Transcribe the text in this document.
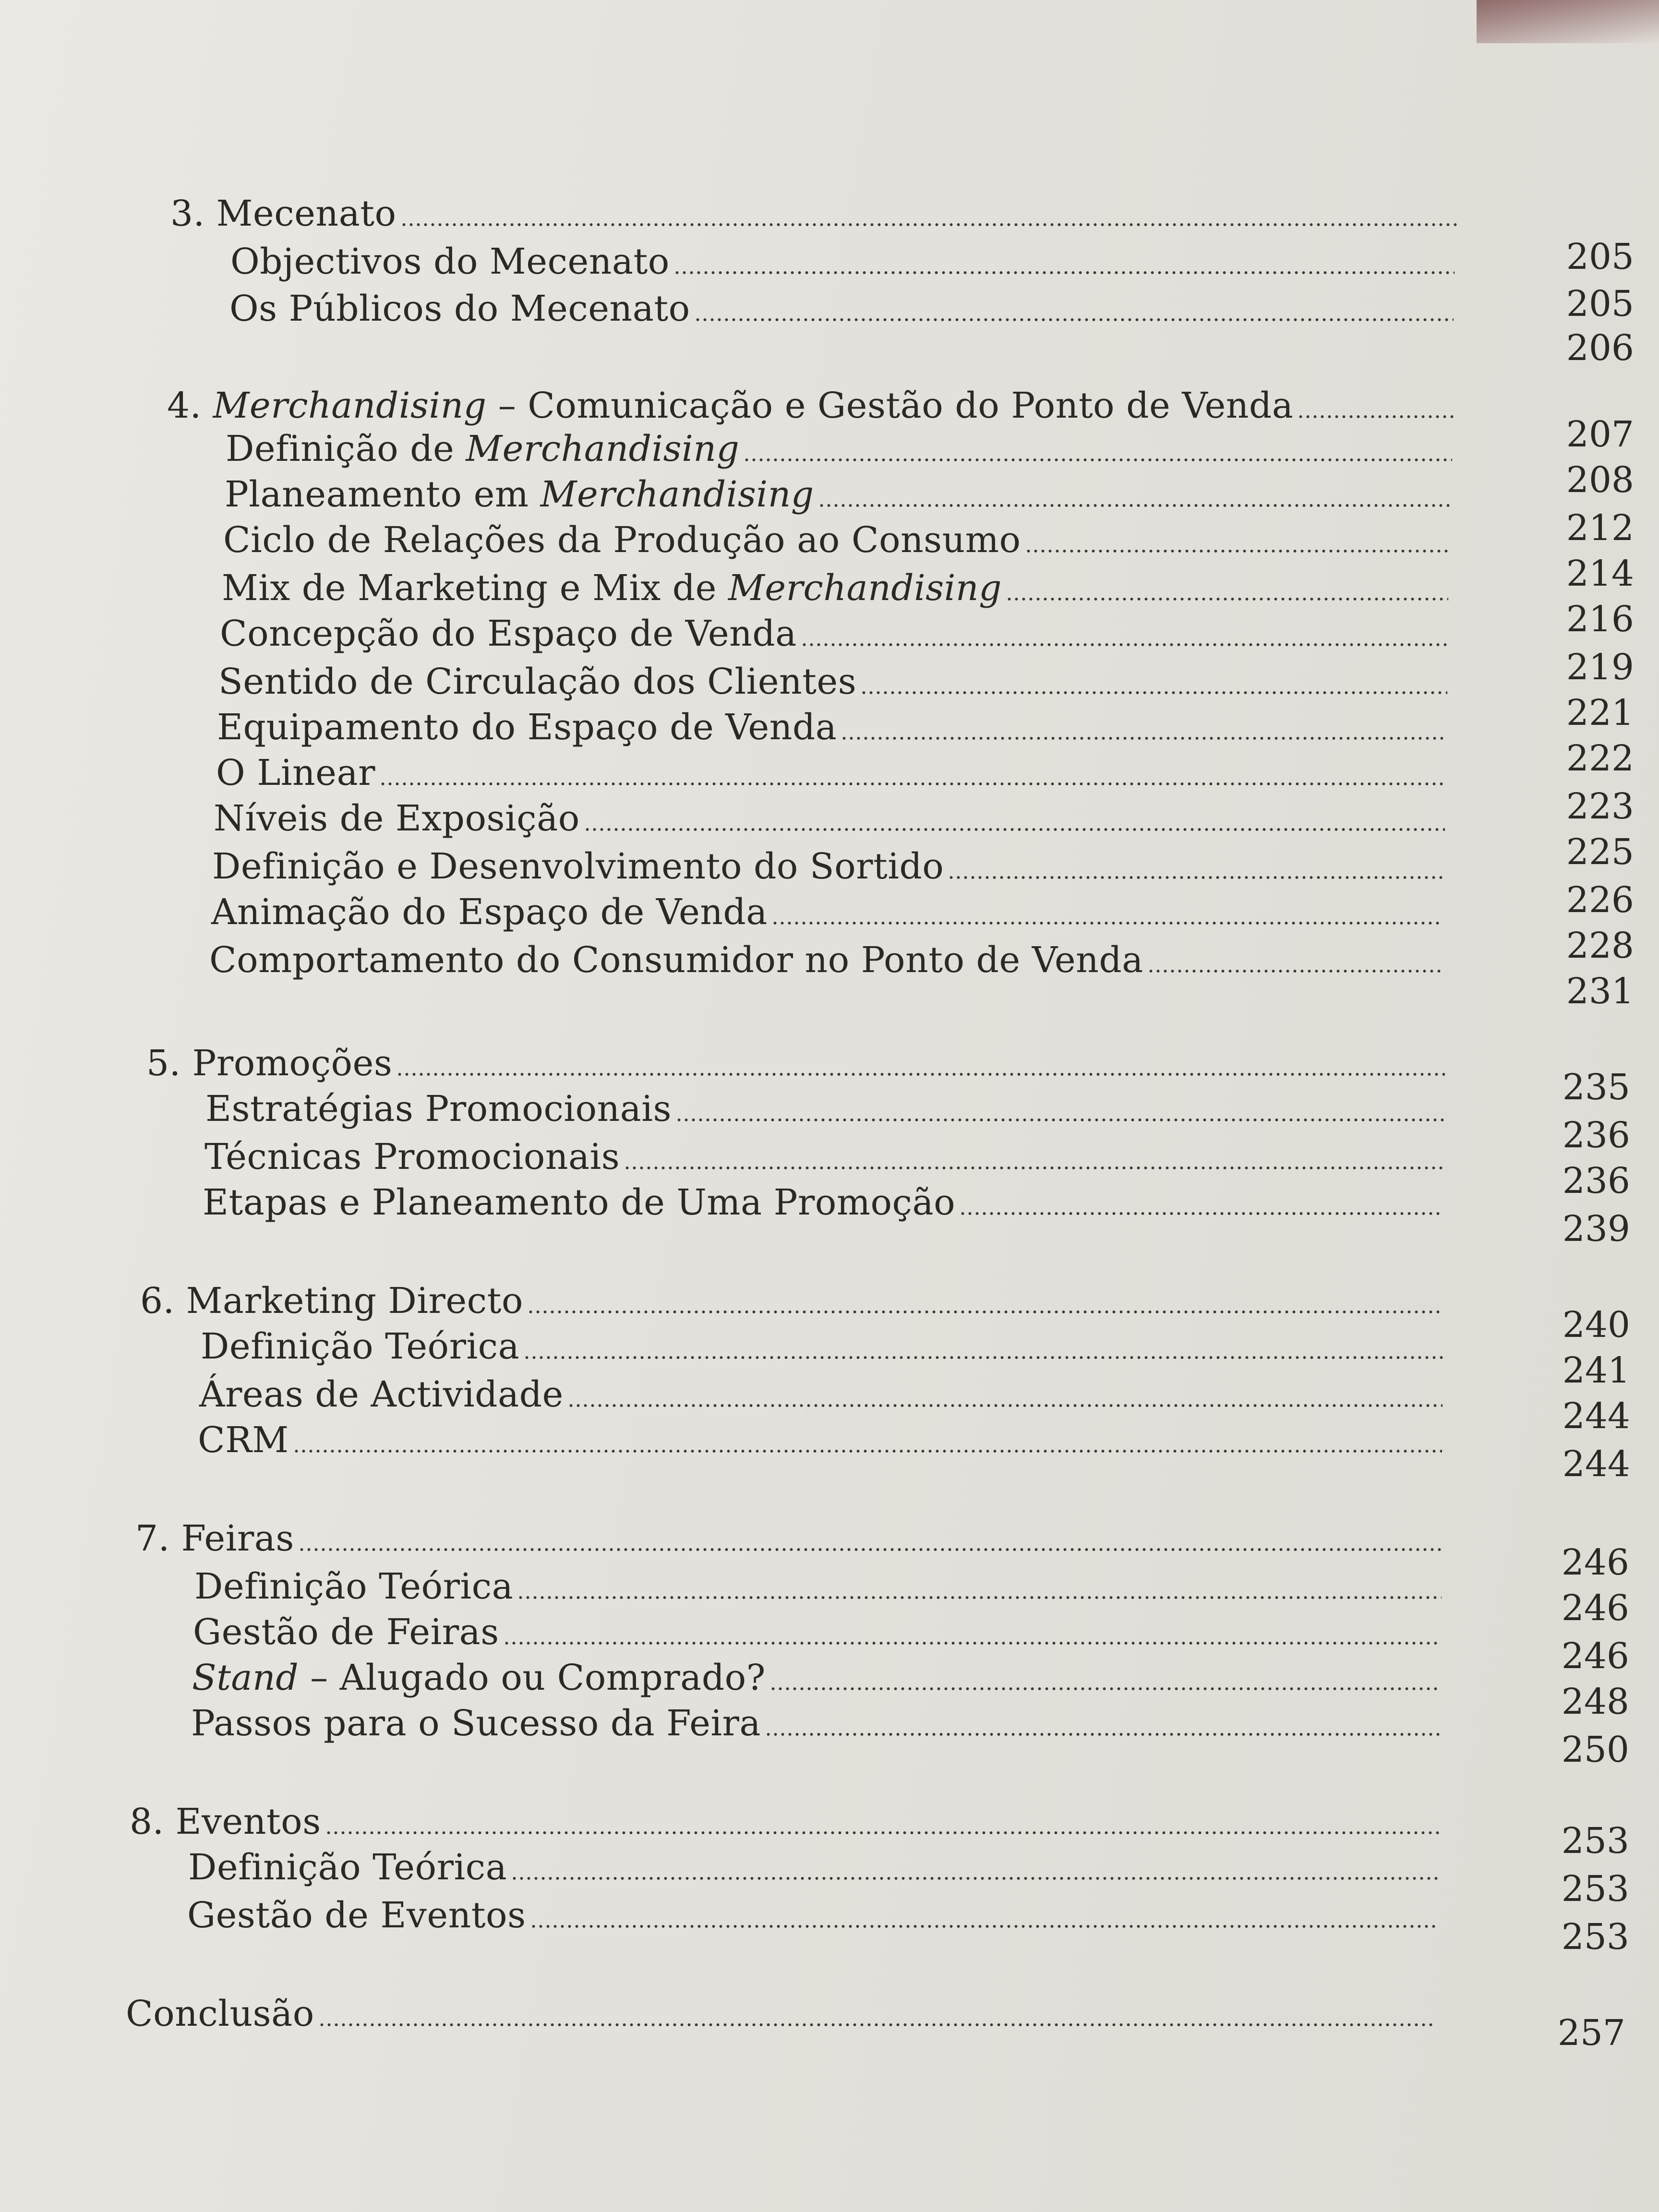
3. Mecenato
205
Objectivos do Mecenato
205
Os Públicos do Mecenato
206
4. Merchandising – Comunicação e Gestão do Ponto de Venda
207
Definição de Merchandising
208
Planeamento em Merchandising
212
Ciclo de Relações da Produção ao Consumo
214
Mix de Marketing e Mix de Merchandising
216
Concepção do Espaço de Venda
219
Sentido de Circulação dos Clientes
221
Equipamento do Espaço de Venda
222
O Linear
223
Níveis de Exposição
225
Definição e Desenvolvimento do Sortido
226
Animação do Espaço de Venda
228
Comportamento do Consumidor no Ponto de Venda
231
5. Promoções
235
Estratégias Promocionais
236
Técnicas Promocionais
236
Etapas e Planeamento de Uma Promoção
239
6. Marketing Directo
240
Definição Teórica
241
Áreas de Actividade
244
CRM
244
7. Feiras
246
Definição Teórica
246
Gestão de Feiras
246
Stand – Alugado ou Comprado?
248
Passos para o Sucesso da Feira
250
8. Eventos	253
Definição Teórica
253
Gestão de Eventos
253
Conclusão	257
